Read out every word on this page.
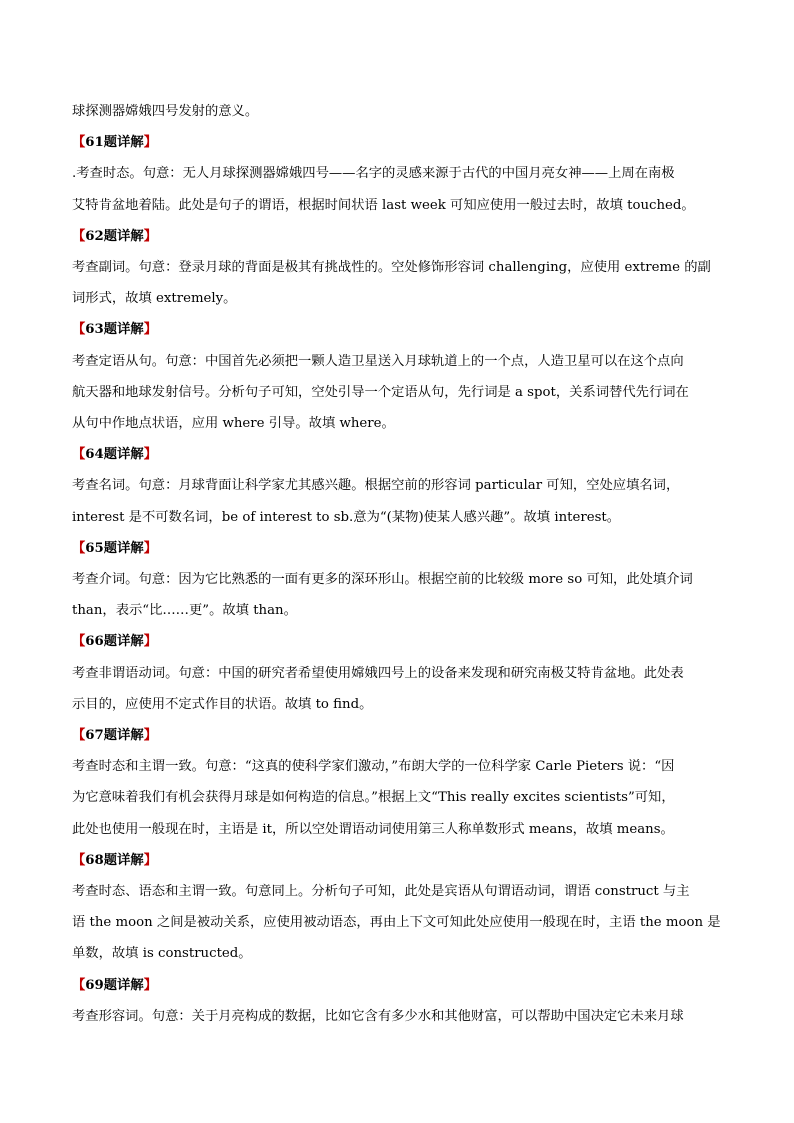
球探测器嫦娥四号发射的意义。

【61题详解】

.考查时态。句意：无人月球探测器嫦娥四号——名字的灵感来源于古代的中国月亮女神——上周在南极

艾特肯盆地着陆。此处是句子的谓语，根据时间状语 last week 可知应使用一般过去时，故填 touched。

【62题详解】

考查副词。句意：登录月球的背面是极其有挑战性的。空处修饰形容词 challenging，应使用 extreme 的副

词形式，故填 extremely。

【63题详解】

考查定语从句。句意：中国首先必须把一颗人造卫星送入月球轨道上的一个点，人造卫星可以在这个点向

航天器和地球发射信号。分析句子可知，空处引导一个定语从句，先行词是 a spot，关系词替代先行词在

从句中作地点状语，应用 where 引导。故填 where。

【64题详解】

考查名词。句意：月球背面让科学家尤其感兴趣。根据空前的形容词 particular 可知，空处应填名词，

interest 是不可数名词，be of interest to sb.意为“(某物)使某人感兴趣”。故填 interest。

【65题详解】

考查介词。句意：因为它比熟悉的一面有更多的深环形山。根据空前的比较级 more so 可知，此处填介词

than，表示“比……更”。故填 than。

【66题详解】

考查非谓语动词。句意：中国的研究者希望使用嫦娥四号上的设备来发现和研究南极艾特肯盆地。此处表

示目的，应使用不定式作目的状语。故填 to find。

【67题详解】

考查时态和主谓一致。句意：“这真的使科学家们激动，”布朗大学的一位科学家 Carle Pieters 说：“因

为它意味着我们有机会获得月球是如何构造的信息。”根据上文“This really excites scientists”可知，

此处也使用一般现在时，主语是 it，所以空处谓语动词使用第三人称单数形式 means，故填 means。

【68题详解】

考查时态、语态和主谓一致。句意同上。分析句子可知，此处是宾语从句谓语动词，谓语 construct 与主

语 the moon 之间是被动关系，应使用被动语态，再由上下文可知此处应使用一般现在时，主语 the moon 是

单数，故填 is constructed。

【69题详解】

考查形容词。句意：关于月亮构成的数据，比如它含有多少水和其他财富，可以帮助中国决定它未来月球
